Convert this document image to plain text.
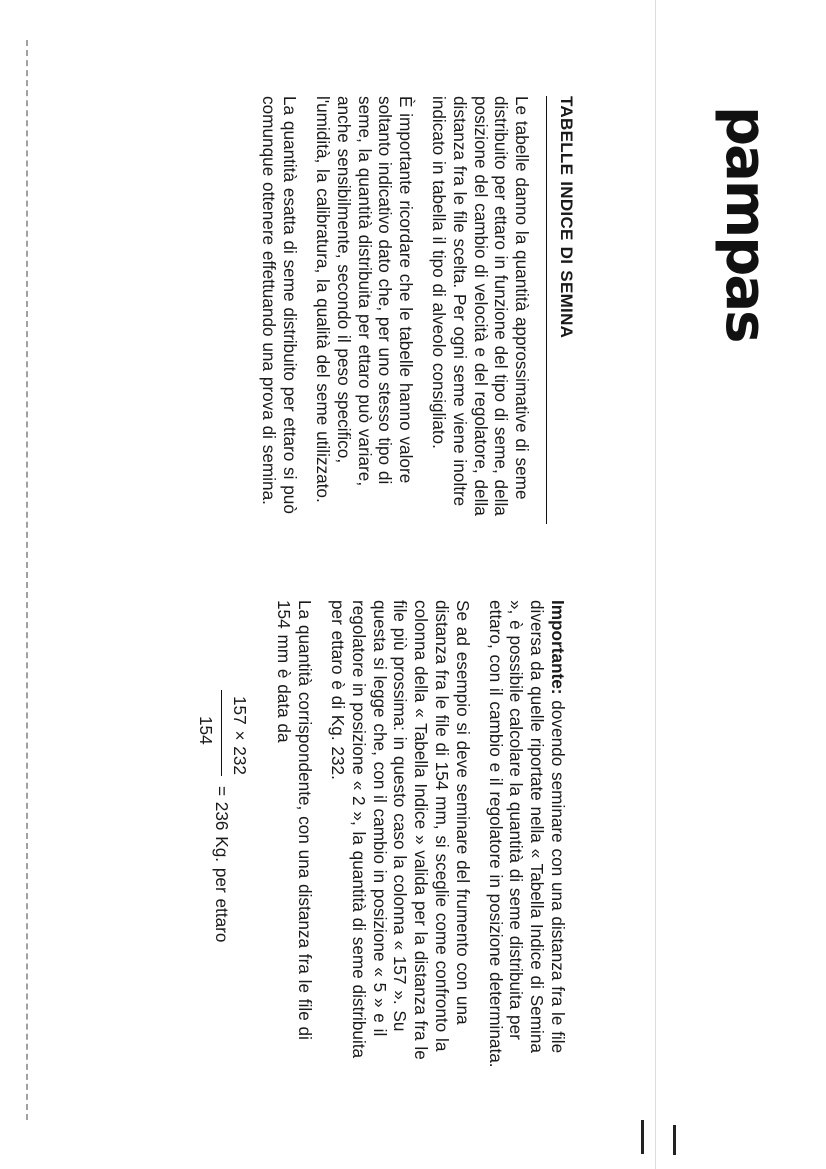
pampas

TABELLE INDICE DI SEMINA

Le tabelle danno la quantità approssimative di seme distribuito per ettaro in funzione del tipo di seme, della posizione del cambio di velocità e del regolatore, della distanza fra le file scelta. Per ogni seme viene inoltre indicato in tabella il tipo di alveolo consigliato.

È importante ricordare che le tabelle hanno valore soltanto indicativo dato che, per uno stesso tipo di seme, la quantità distribuita per ettaro può variare, anche sensibilmente, secondo il peso specifico, l'umidità, la calibratura, la qualità del seme utilizzato.

La quantità esatta di seme distribuito per ettaro si può comunque ottenere effettuando una prova di semina.

Importante: dovendo seminare con una distanza fra le file diversa da quelle riportate nella « Tabella Indice di Semina », è possibile calcolare la quantità di seme distribuita per ettaro, con il cambio e il regolatore in posizione determinata.

Se ad esempio si deve seminare del frumento con una distanza fra le file di 154 mm, si sceglie come confronto la colonna della « Tabella Indice » valida per la distanza fra le file più prossima: in questo caso la colonna « 157 ». Su questa si legge che, con il cambio in posizione « 5 » e il regolatore in posizione « 2 », la quantità di seme distribuita per ettaro è di Kg. 232.

La quantità corrispondente, con una distanza fra le file di 154 mm è data da

157 × 232
154
= 236 Kg. per ettaro
